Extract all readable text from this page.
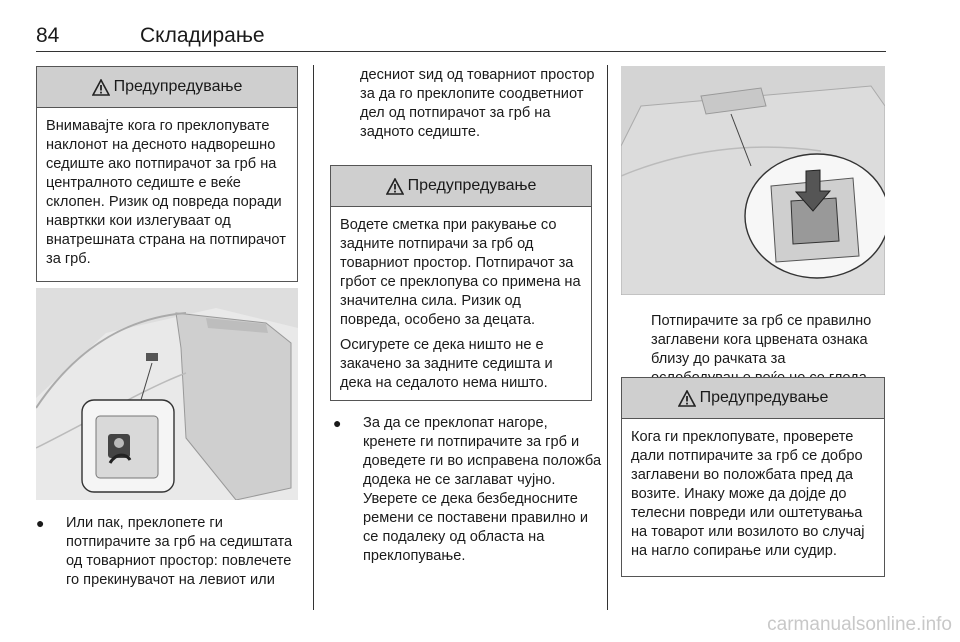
84	Складирање
Предупредување

Внимавајте кога го преклопувате наклонот на десното надворешно седиште ако потпирачот за грб на централното седиште е веќе склопен. Ризик од повреда поради наврткки кои излегуваат од внатрешната страна на потпирачот за грб.

● Или пак, преклопете ги потпирачите за грб на седиштата од товарниот простор: повлечете го прекинувачот на левиот или
десниот ѕид од товарниот простор за да го преклопите соодветниот дел од потпирачот за грб на задното седиште.
Предупредување

Водете сметка при ракување со задните потпирачи за грб од товарниот простор. Потпирачот за грбот се преклопува со примена на значителна сила. Ризик од повреда, особено за децата.

Осигурете се дека ништо не е закачено за задните седишта и дека на седалото нема ништо.

● За да се преклопат нагоре, кренете ги потпирачите за грб и доведете ги во исправена положба додека не се заглават чујно. Уверете се дека безбедносните ремени се поставени правилно и се подалеку од областа на преклопување.
Потпирачите за грб се правилно заглавени кога црвената ознака близу до рачката за
Предупредување

Кога ги преклопувате, проверете дали потпирачите за грб се добро заглавени во положбата пред да возите. Инаку може да дојде до телесни повреди или оштетувања на товарот или возилото во случај на нагло сопирање или судир.

carmanualsonline.info
